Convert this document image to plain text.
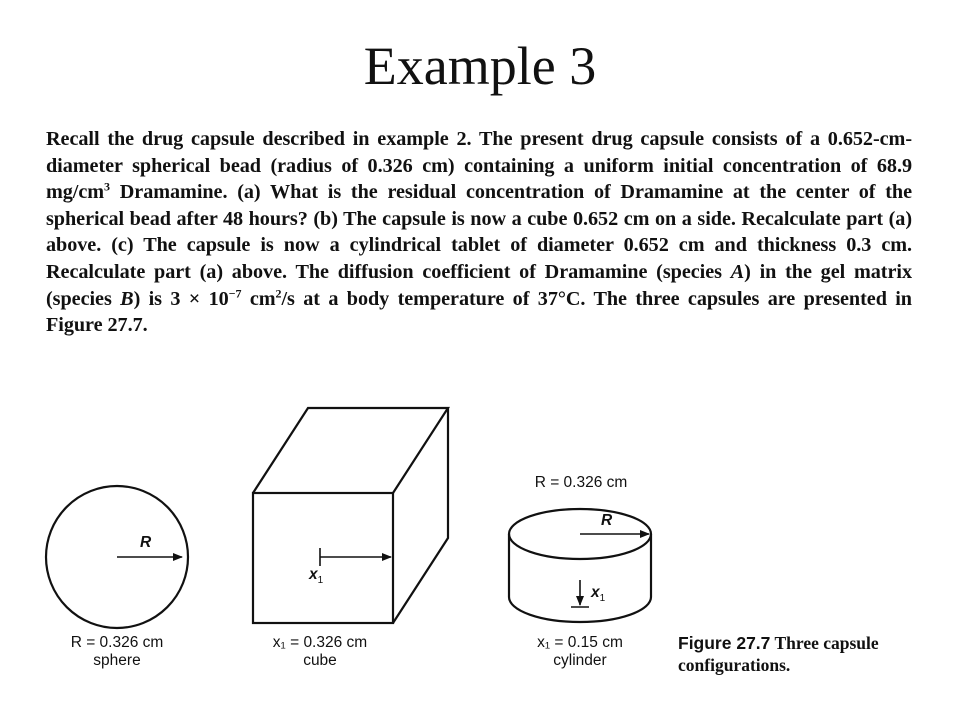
Example 3
Recall the drug capsule described in example 2. The present drug capsule consists of a 0.652-cm-diameter spherical bead (radius of 0.326 cm) containing a uniform initial concentration of 68.9 $mg/cm^3$ Dramamine. (a) What is the residual concentration of Dramamine at the center of the spherical bead after 48 hours? (b) The capsule is now a cube 0.652 cm on a side. Recalculate part (a) above. (c) The capsule is now a cylindrical tablet of diameter 0.652 cm and thickness 0.3 cm. Recalculate part (a) above. The diffusion coefficient of Dramamine (species A) in the gel matrix (species B) is $3 \times 10^{-7}$ $cm^2/s$ at a body temperature of 37°C. The three capsules are presented in Figure 27.7.
R
R = 0.326 cm
sphere
$x_1$
x₁ = 0.326 cm
cube
R = 0.326 cm
R
$x_1$
x₁ = 0.15 cm
cylinder
Figure 27.7 Three capsule configurations.
